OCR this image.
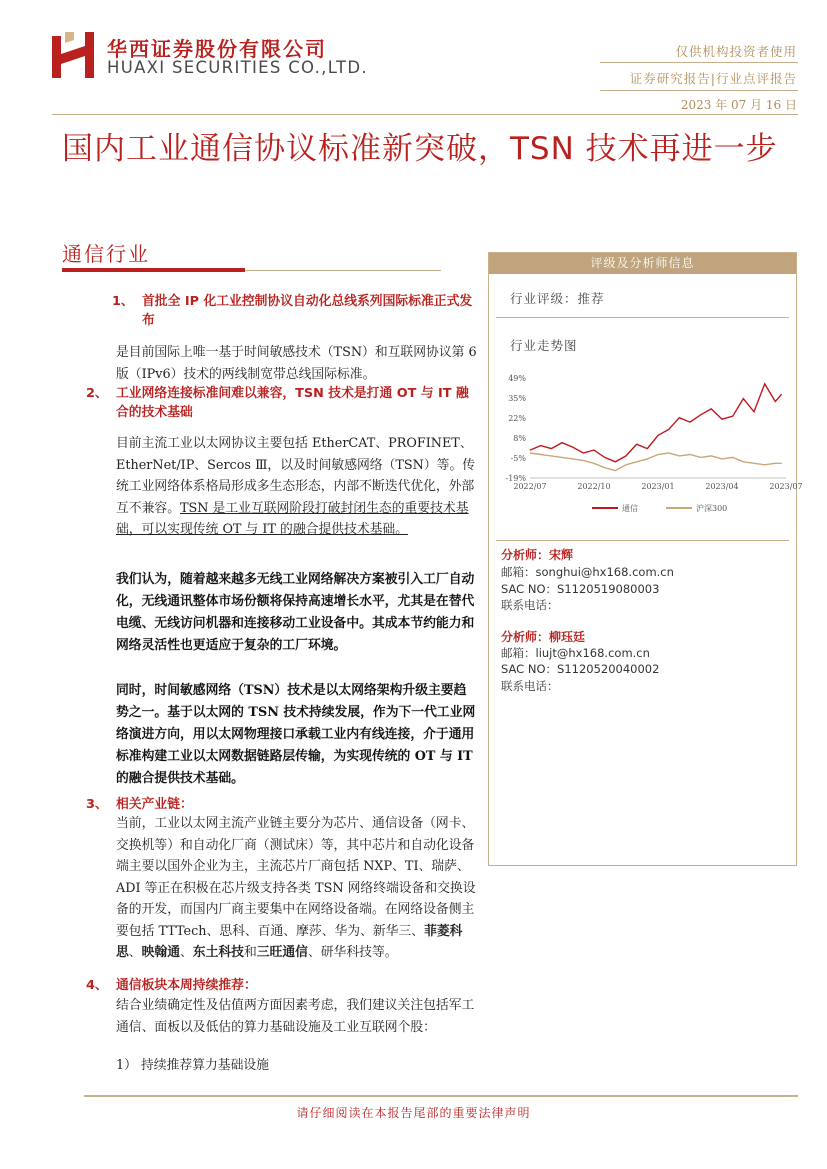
华西证券股份有限公司
HUAXI SECURITIES CO.,LTD.
仅供机构投资者使用
证券研究报告|行业点评报告
2023 年 07 月 16 日
国内工业通信协议标准新突破，TSN 技术再进一步
通信行业
1、 首批全 IP 化工业控制协议自动化总线系列国际标准正式发布
是目前国际上唯一基于时间敏感技术（TSN）和互联网协议第 6 版（IPv6）技术的两线制宽带总线国际标准。
2、 工业网络连接标准间难以兼容，TSN 技术是打通 OT 与 IT 融合的技术基础
目前主流工业以太网协议主要包括 EtherCAT、PROFINET、EtherNet/IP、Sercos Ⅲ，以及时间敏感网络（TSN）等。传统工业网络体系格局形成多生态形态，内部不断迭代优化，外部互不兼容。TSN 是工业互联网阶段打破封闭生态的重要技术基础，可以实现传统 OT 与 IT 的融合提供技术基础。
我们认为，随着越来越多无线工业网络解决方案被引入工厂自动化，无线通讯整体市场份额将保持高速增长水平，尤其是在替代电缆、无线访问机器和连接移动工业设备中。其成本节约能力和网络灵活性也更适应于复杂的工厂环境。
同时，时间敏感网络（TSN）技术是以太网络架构升级主要趋势之一。基于以太网的 TSN 技术持续发展，作为下一代工业网络演进方向，用以太网物理接口承载工业内有线连接，介于通用标准构建工业以太网数据链路层传输，为实现传统的 OT 与 IT 的融合提供技术基础。
3、 相关产业链：
当前，工业以太网主流产业链主要分为芯片、通信设备（网卡、交换机等）和自动化厂商（测试床）等，其中芯片和自动化设备端主要以国外企业为主，主流芯片厂商包括 NXP、TI、瑞萨、ADI 等正在积极在芯片级支持各类 TSN 网络终端设备和交换设备的开发，而国内厂商主要集中在网络设备端。在网络设备侧主要包括 TTTech、思科、百通、摩莎、华为、新华三、菲菱科思、映翰通、东土科技和三旺通信、研华科技等。
4、 通信板块本周持续推荐：
结合业绩确定性及估值两方面因素考虑，我们建议关注包括军工通信、面板以及低估的算力基础设施及工业互联网个股：
1） 持续推荐算力基础设施
评级及分析师信息
行业评级：推荐
行业走势图
49%
35%
22%
8%
-5%
-19%
2022/07	2022/10	2023/01	2023/04	2023/07
通信	沪深300
分析师：宋辉
邮箱：songhui@hx168.com.cn
SAC NO：S1120519080003
联系电话：
分析师：柳珏廷
邮箱：liujt@hx168.com.cn
SAC NO：S1120520040002
联系电话：
请仔细阅读在本报告尾部的重要法律声明
